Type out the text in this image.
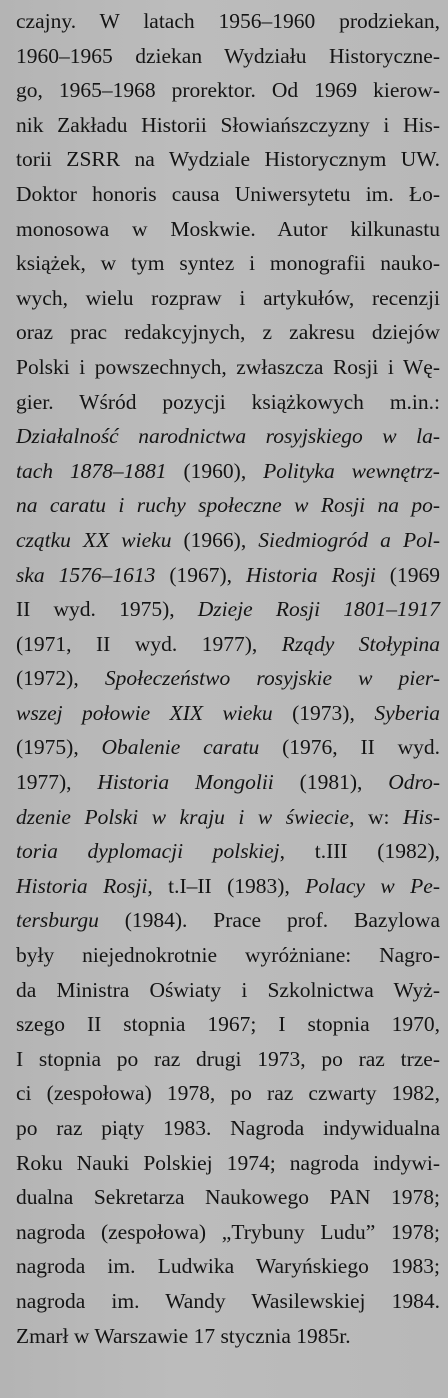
czajny. W latach 1956–1960 prodziekan,
1960–1965 dziekan Wydziału Historyczne-
go, 1965–1968 prorektor. Od 1969 kierow-
nik Zakładu Historii Słowiańszczyzny i His-
torii ZSRR na Wydziale Historycznym UW.
Doktor honoris causa Uniwersytetu im. Ło-
monosowa w Moskwie. Autor kilkunastu
książek, w tym syntez i monografii nauko-
wych, wielu rozpraw i artykułów, recenzji
oraz prac redakcyjnych, z zakresu dziejów
Polski i powszechnych, zwłaszcza Rosji i Wę-
gier. Wśród pozycji książkowych m.in.:
Działalność narodnictwa rosyjskiego w la-
tach 1878–1881 (1960), Polityka wewnętrz-
na caratu i ruchy społeczne w Rosji na po-
czątku XX wieku (1966), Siedmiogród a Pol-
ska 1576–1613 (1967), Historia Rosji (1969
II wyd. 1975), Dzieje Rosji 1801–1917
(1971, II wyd. 1977), Rządy Stołypina
(1972), Społeczeństwo rosyjskie w pier-
wszej połowie XIX wieku (1973), Syberia
(1975), Obalenie caratu (1976, II wyd.
1977), Historia Mongolii (1981), Odro-
dzenie Polski w kraju i w świecie, w: His-
toria dyplomacji polskiej, t.III (1982),
Historia Rosji, t.I–II (1983), Polacy w Pe-
tersburgu (1984). Prace prof. Bazylowa
były niejednokrotnie wyróżniane: Nagro-
da Ministra Oświaty i Szkolnictwa Wyż-
szego II stopnia 1967; I stopnia 1970,
I stopnia po raz drugi 1973, po raz trze-
ci (zespołowa) 1978, po raz czwarty 1982,
po raz piąty 1983. Nagroda indywidualna
Roku Nauki Polskiej 1974; nagroda indywi-
dualna Sekretarza Naukowego PAN 1978;
nagroda (zespołowa) „Trybuny Ludu” 1978;
nagroda im. Ludwika Waryńskiego 1983;
nagroda im. Wandy Wasilewskiej 1984.
Zmarł w Warszawie 17 stycznia 1985r.
